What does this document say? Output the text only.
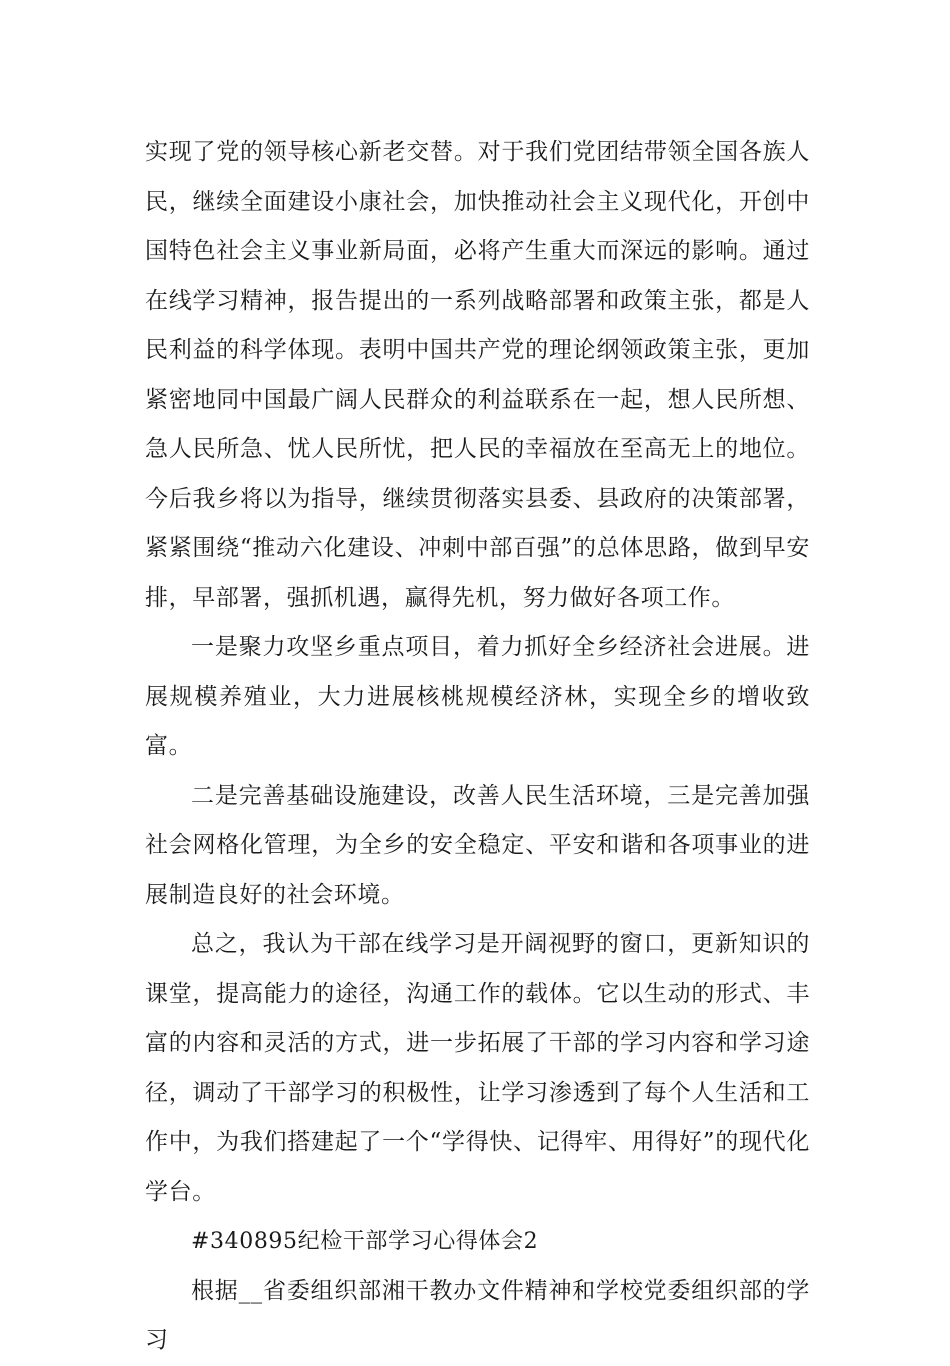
实现了党的领导核心新老交替。对于我们党团结带领全国各族人民，继续全面建设小康社会，加快推动社会主义现代化，开创中国特色社会主义事业新局面，必将产生重大而深远的影响。通过在线学习精神，报告提出的一系列战略部署和政策主张，都是人民利益的科学体现。表明中国共产党的理论纲领政策主张，更加紧密地同中国最广阔人民群众的利益联系在一起，想人民所想、急人民所急、忧人民所忧，把人民的幸福放在至高无上的地位。今后我乡将以为指导，继续贯彻落实县委、县政府的决策部署，紧紧围绕“推动六化建设、冲刺中部百强”的总体思路，做到早安排，早部署，强抓机遇，赢得先机，努力做好各项工作。

一是聚力攻坚乡重点项目，着力抓好全乡经济社会进展。进展规模养殖业，大力进展核桃规模经济林，实现全乡的增收致富。

二是完善基础设施建设，改善人民生活环境，三是完善加强社会网格化管理，为全乡的安全稳定、平安和谐和各项事业的进展制造良好的社会环境。

总之，我认为干部在线学习是开阔视野的窗口，更新知识的课堂，提高能力的途径，沟通工作的载体。它以生动的形式、丰富的内容和灵活的方式，进一步拓展了干部的学习内容和学习途径，调动了干部学习的积极性，让学习渗透到了每个人生活和工作中，为我们搭建起了一个“学得快、记得牢、用得好”的现代化学台。

#340895纪检干部学习心得体会2

根据__省委组织部湘干教办文件精神和学校党委组织部的学习
